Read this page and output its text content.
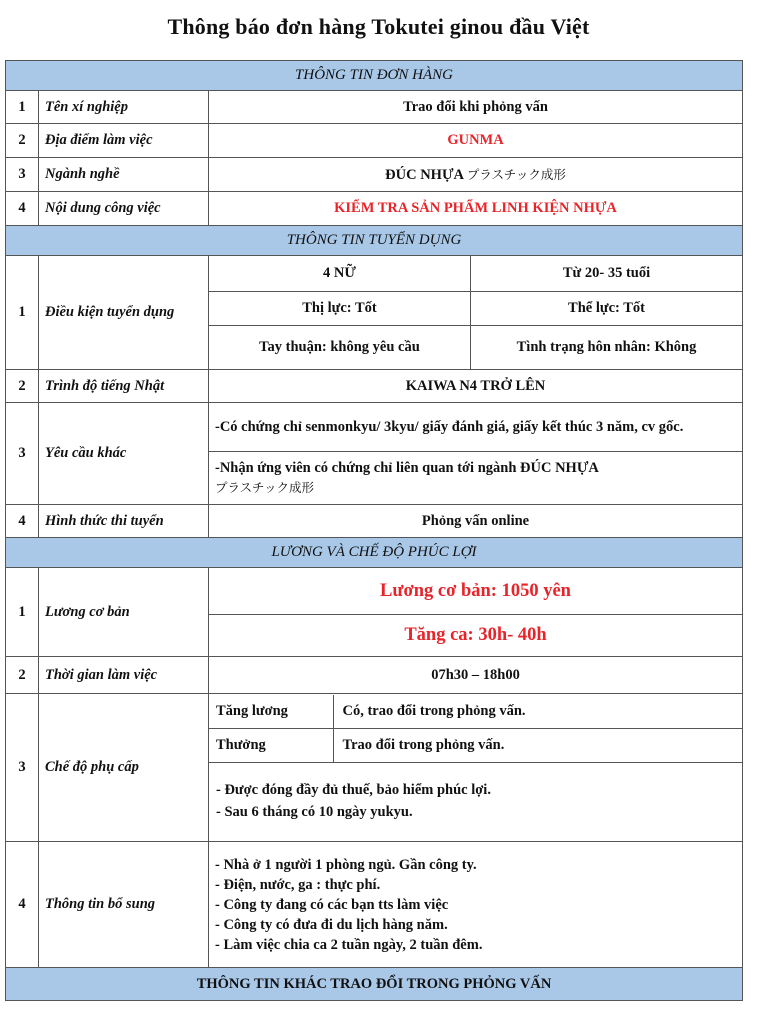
Thông báo đơn hàng Tokutei ginou đầu Việt
THÔNG TIN ĐƠN HÀNG
1	Tên xí nghiệp	Trao đổi khi phỏng vấn
2	Địa điểm làm việc	GUNMA
3	Ngành nghề	ĐÚC NHỰA プラスチック成形
4	Nội dung công việc	KIỂM TRA SẢN PHẨM LINH KIỆN NHỰA
THÔNG TIN TUYỂN DỤNG
1	Điều kiện tuyển dụng	4 NỮ	Từ 20- 35 tuổi
Thị lực: Tốt	Thể lực: Tốt
Tay thuận: không yêu cầu	Tình trạng hôn nhân: Không
2	Trình độ tiếng Nhật	KAIWA N4 TRỞ LÊN
3	Yêu cầu khác	-Có chứng chỉ senmonkyu/ 3kyu/ giấy đánh giá, giấy kết thúc 3 năm, cv gốc.
-Nhận ứng viên có chứng chỉ liên quan tới ngành ĐÚC NHỰA
プラスチック成形
4	Hình thức thi tuyển	Phỏng vấn online
LƯƠNG VÀ CHẾ ĐỘ PHÚC LỢI
1	Lương cơ bản	Lương cơ bản: 1050 yên
Tăng ca: 30h- 40h
2	Thời gian làm việc	07h30 – 18h00
3	Chế độ phụ cấp	
Tăng lương	Có, trao đổi trong phỏng vấn.
Thưởng	Trao đổi trong phỏng vấn.

- Được đóng đầy đủ thuế, bảo hiểm phúc lợi.
- Sau 6 tháng có 10 ngày yukyu.

4	Thông tin bổ sung	
- Nhà ở 1 người 1 phòng ngủ. Gần công ty.
- Điện, nước, ga : thực phí.
- Công ty đang có các bạn tts làm việc
- Công ty có đưa đi du lịch hàng năm.
- Làm việc chia ca 2 tuần ngày, 2 tuần đêm.

THÔNG TIN KHÁC TRAO ĐỔI TRONG PHỎNG VẤN
